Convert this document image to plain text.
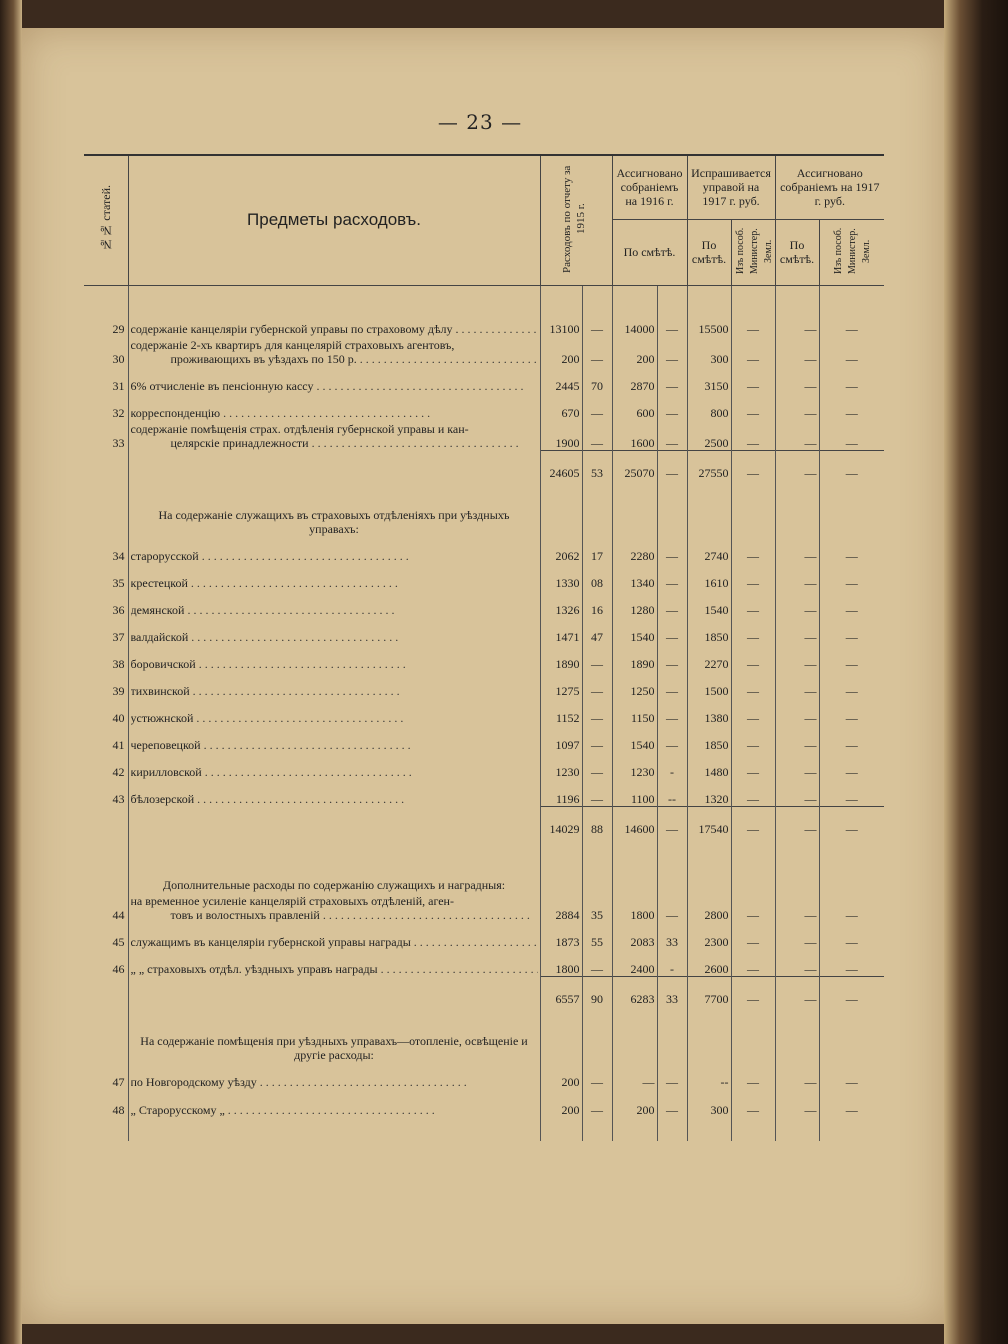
— 23 —
№№ статей.	Предметы расходовъ.	Расходовъ по отчету за 1915 г.		Ассигновано собраніемъ на 1916 г.		Испрашивается управой на 1917 г. руб.		Ассигновано собраніемъ на 1917 г. руб.	
				По смѣтѣ.		По смѣтѣ.	Изъ пособ. Министер. Земл.	По смѣтѣ.	Изъ пособ. Министер. Земл.

29	содержаніе канцеляріи губернской управы по страховому дѣлу . . . .	13100	—	14000	—	15500	—	—	—
30	содержаніе 2-хъ квартиръ для канцелярій страховыхъ агентовъ,
проживающихъ въ уѣздахъ по 150 р. . . .	200	—	200	—	300	—	—	—
31	6% отчисленіе въ пенсіонную кассу . . .	2445	70	2870	—	3150	—	—	—
32	корреспонденцію . . .	670	—	600	—	800	—	—	—
33	содержаніе помѣщенія страх. отдѣленія губернской управы и кан-
целярскіе принадлежности . . .	1900	—	1600	—	2500	—	—	—
		24605	53	25070	—	27550	—	—	—

	На содержаніе служащихъ въ страховыхъ отдѣленіяхъ при уѣздныхъ управахъ:								

34	старорусской . . .	2062	17	2280	—	2740	—	—	—
35	крестецкой . . .	1330	08	1340	—	1610	—	—	—
36	демянской . . .	1326	16	1280	—	1540	—	—	—
37	валдайской . . .	1471	47	1540	—	1850	—	—	—
38	боровичской . . .	1890	—	1890	—	2270	—	—	—
39	тихвинской . . .	1275	—	1250	—	1500	—	—	—
40	устюжнской . . .	1152	—	1150	—	1380	—	—	—
41	череповецкой . . .	1097	—	1540	—	1850	—	—	—
42	кирилловской . . .	1230	—	1230	-	1480	—	—	—
43	бѣлозерской . . .	1196	—	1100	--	1320	—	—	—
		14029	88	14600	—	17540	—	—	—

	Дополнительные расходы по содержанію служащихъ и наградныя:								

44	на временное усиленіе канцелярій страховыхъ отдѣленій, аген-
товъ и волостныхъ правленій . . .	2884	35	1800	—	2800	—	—	—
45	служащимъ въ канцеляріи губернской управы награды . . .	1873	55	2083	33	2300	—	—	—
46	„ „ страховыхъ отдѣл. уѣздныхъ управъ награды . . .	1800	—	2400	-	2600	—	—	—
		6557	90	6283	33	7700	—	—	—

	На содержаніе помѣщенія при уѣздныхъ управахъ—отопленіе, освѣщеніе и другіе расходы:								

47	по Новгородскому уѣзду . . .	200	—	—	—	--	—	—	—
48	„ Старорусскому „ . . .	200	—	200	—	300	—	—	—
